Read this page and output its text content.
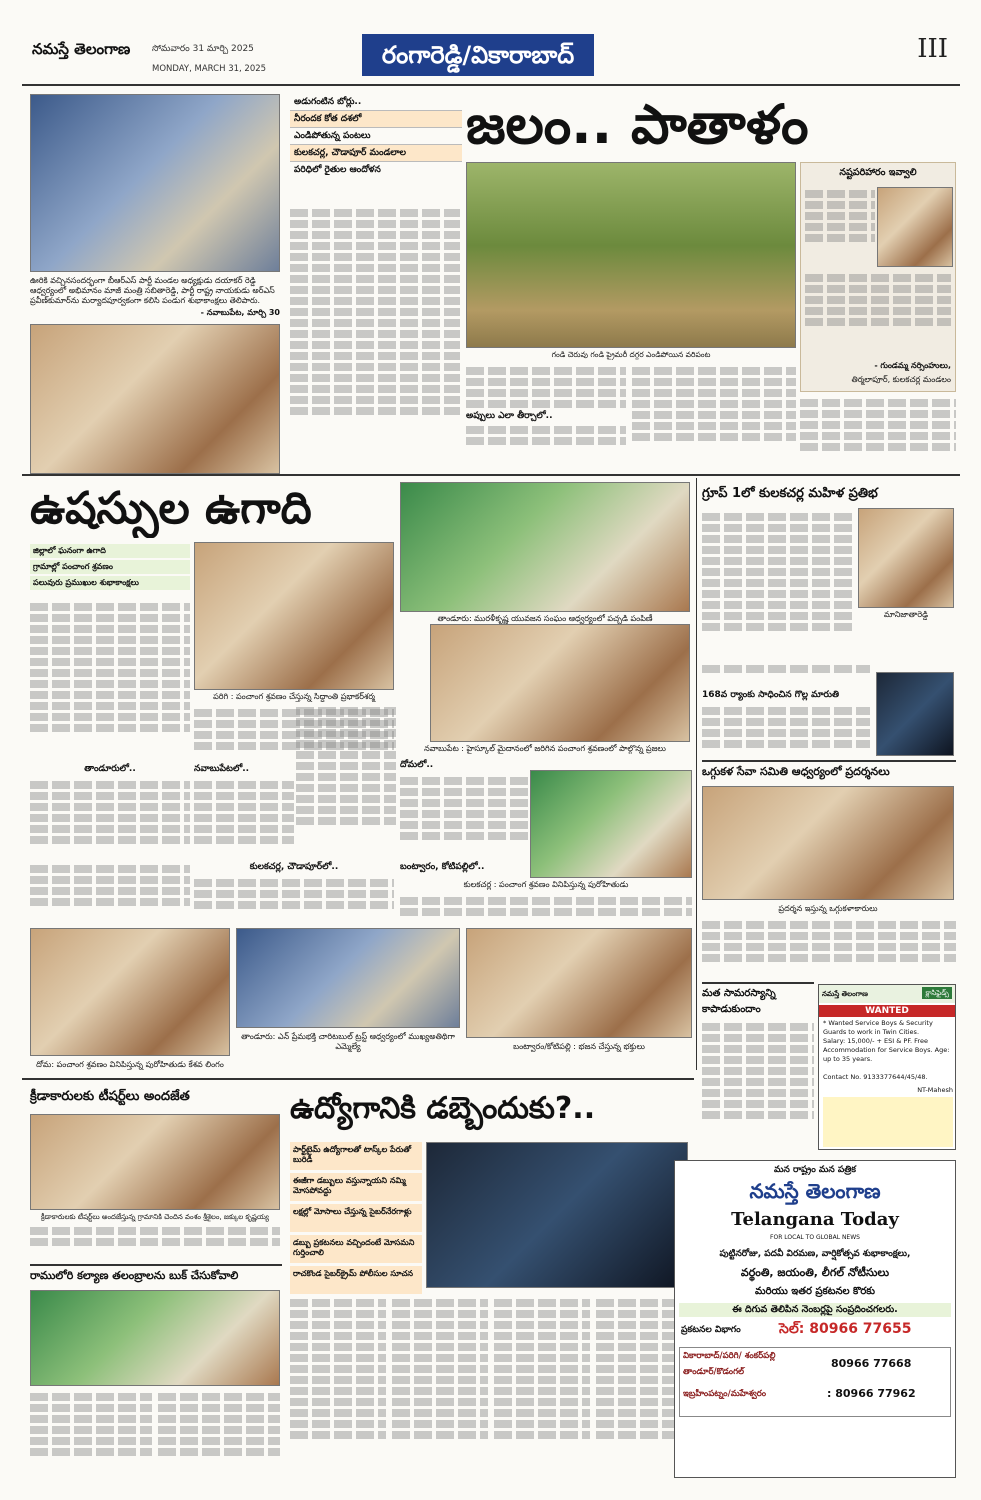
నమస్తే తెలంగాణ సోమవారం 31 మార్చి 2025
MONDAY, MARCH 31, 2025	రంగారెడ్డి/వికారాబాద్	III
ఊరికి వచ్చినసందర్భంగా బీఆర్‌ఎస్ పార్టీ మండల అధ్యక్షుడు దయాకర్ రెడ్డి ఆధ్వర్యంలో అభిమానం మాజీ మంత్రి సబితారెడ్డి, పార్టీ రాష్ట్ర నాయకుడు అర్‌ఎస్ ప్రవీణ్‌కుమార్‌ను మర్యాదపూర్వకంగా కలిసి పండుగ శుభాకాంక్షలు తెలిపారు.
- నవాబుపేట, మార్చి 30
అడుగంటిన బోర్లు..
నీరందక కోత దశలో
ఎండిపోతున్న పంటలు
కులకచర్ల, చౌడాపూర్ మండలాల
పరిధిలో రైతుల ఆందోళన
జలం.. పాతాళం
గండి చెరువు గండి ప్రైమరీ దగ్గర ఎండిపోయిన వరిపంట
అప్పులు ఎలా తీర్చాలో..
నష్టపరిహారం ఇవ్వాలి
- గుండమ్మ నర్సింహులు,
తిర్మలాపూర్, కులకచర్ల మండలం
ఉషస్సుల ఉగాది
జిల్లాలో ఘనంగా ఉగాది
గ్రామాల్లో పంచాంగ శ్రవణం
పలువురు ప్రముఖుల శుభాకాంక్షలు
పరిగి : పంచాంగ శ్రవణం చేస్తున్న సిద్ధాంతి ప్రభాకర్‌శర్మ
తాండూరు: మురళీకృష్ణ యువజన సంఘం ఆధ్వర్యంలో పచ్చడి పంపిణీ
తాండూరులో..	నవాబుపేటలో..
కులకచర్ల, చౌడాపూర్‌లో..
నవాబుపేట : హైస్కూల్ మైదానంలో జరిగిన పంచాంగ శ్రవణంలో పాల్గొన్న ప్రజలు
దోమలో..
కులకచర్ల : పంచాంగ శ్రవణం వినిపిస్తున్న పురోహితుడు
బంట్వారం, కోటిపల్లిలో..
దోమ: పంచాంగ శ్రవణం వినిపిస్తున్న పురోహితుడు కేశవ లింగం
తాండూరు: ఎన్ ప్రేమభక్తి చారిటబుల్ ట్రస్ట్ ఆధ్వర్యంలో ముఖ్యఅతిథిగా ఎమ్మెల్యే	బంట్వారం/కోటిపల్లి : భజన చేస్తున్న భక్తులు
గ్రూప్ 1లో కులకచర్ల మహిళ ప్రతిభ
మానిజాతారెడ్డి
168వ ర్యాంకు సాధించిన గొల్ల మారుతి
ఒగ్గుకళ సేవా సమితి ఆధ్వర్యంలో ప్రదర్శనలు
ప్రదర్శన ఇస్తున్న ఒగ్గుకళాకారులు
మత సామరస్యాన్ని కాపాడుకుందాం
నమస్తే తెలంగాణ	క్లాసిఫైడ్స్
WANTED
* Wanted Service Boys & Security Guards to work in Twin Cities.
Salary: 15,000/- + ESI & PF. Free Accommodation for Service Boys. Age: up to 35 years.
Contact No. 9133377644/45/48.
NT-Mahesh
క్రీడాకారులకు టీషర్ట్‌లు అందజేత
క్రీడాకారులకు టీషర్ట్‌లు అందజేస్తున్న గ్రామానికి చెందిన వంశం శ్రీశైలం, జక్కుల కృష్ణయ్య
రాములోరి కల్యాణ తలంబ్రాలను బుక్ చేసుకోవాలి
ఉద్యోగానికి డబ్బెందుకు?..
పార్ట్‌టైమ్ ఉద్యోగాలతో టాస్క్‌ల పేరుతో బురిడీ
ఈజీగా డబ్బులు వస్తున్నాయని నమ్మి మోసపోవద్దు
లక్షల్లో మోసాలు చేస్తున్న సైబర్‌నేరగాళ్లు
డబ్బు ప్రకటనలు వచ్చిందంటే మోసమని గుర్తించాలి
రాచకొండ సైబర్‌క్రైమ్ పోలీసుల సూచన
మన రాష్ట్రం మన పత్రిక
నమస్తే తెలంగాణ
Telangana Today
FOR LOCAL TO GLOBAL NEWS
పుట్టినరోజు, పదవీ విరమణ, వార్షికోత్సవ శుభాకాంక్షలు,
వర్థంతి, జయంతి, లీగల్ నోటీసులు
మరియు ఇతర ప్రకటనల కొరకు
ఈ దిగువ తెలిపిన నెంబర్లపై సంప్రదించగలరు.
ప్రకటనల విభాగం	సెల్: 80966 77655
వికారాబాద్/పరిగి/ శంకర్‌పల్లి
తాండూర్/కొడంగల్
80966 77668
ఇబ్రహీంపట్నం/మహేశ్వరం	: 80966 77962
